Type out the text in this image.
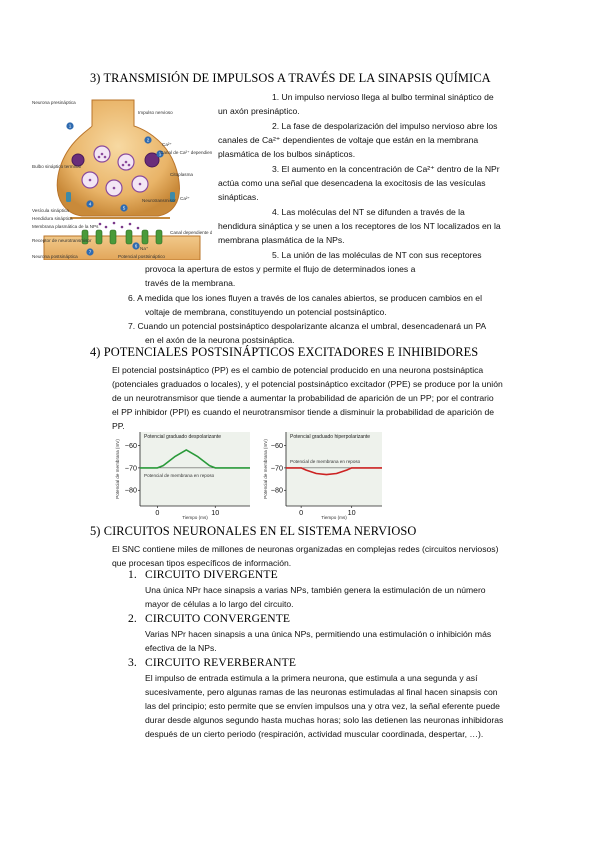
3) TRANSMISIÓN DE IMPULSOS A TRAVÉS DE LA SINAPSIS QUÍMICA
1
2
3
4
5
6
7
Neurona presináptica
Bulbo sináptico terminal
Canal de Ca²⁺ dependien
Citoplasma
Vesícula sináptica
Hendidura sináptica
Membrana plasmática de la NPs
Canal dependiente d
Neurotransmisor
Receptor de neurotransmisor
Neurona postsináptica
Impulso nervioso
Ca²⁺
Na⁺
Potencial postsináptico
Ca²⁺
1. Un impulso nervioso llega al bulbo terminal sináptico de
un axón presináptico.
2. La fase de despolarización del impulso nervioso abre los
canales de Ca²⁺ dependientes de voltaje que están en la membrana
plasmática de los bulbos sinápticos.
3. El aumento en la concentración de Ca²⁺ dentro de la NPr
actúa como una señal que desencadena la exocitosis de las vesículas
sinápticas.
4. Las moléculas del NT se difunden a través de la
hendidura sináptica y se unen a los receptores de los NT localizados en la
membrana plasmática de la NPs.
5. La unión de las moléculas de NT con sus receptores
provoca la apertura de estos y permite el flujo de determinados iones a
través de la membrana.
6. A medida que los iones fluyen a través de los canales abiertos, se producen cambios en el
voltaje de membrana, constituyendo un potencial postsináptico.
7. Cuando un potencial postsináptico despolarizante alcanza el umbral, desencadenará un PA
en el axón de la neurona postsináptica.
4) POTENCIALES POSTSINÁPTICOS EXCITADORES E INHIBIDORES
El potencial postsináptico (PP) es el cambio de potencial producido en una neurona postsináptica
(potenciales graduados o locales), y el potencial postsináptico excitador (PPE) se produce por la unión
de un neurotransmisor que tiende a aumentar la probabilidad de aparición de un PP; por el contrario
el PP inhibidor (PPI) es cuando el neurotransmisor tiende a disminuir la probabilidad de aparición de
PP.
−60
−70
−80
0	10
Potencial graduado despolarizante
Potencial de membrana en reposo
Tiempo (ms)
Potencial de membrana (mV)	−60
−70
−80
0	10
Potencial graduado hiperpolarizante
Potencial de membrana en reposo
Tiempo (ms)
Potencial de membrana (mV)
5) CIRCUITOS NEURONALES EN EL SISTEMA NERVIOSO
El SNC contiene miles de millones de neuronas organizadas en complejas redes (circuitos nerviosos)
que procesan tipos específicos de información.
1. CIRCUITO DIVERGENTE
Una única NPr hace sinapsis a varias NPs, también genera la estimulación de un número
mayor de células a lo largo del circuito.
2. CIRCUITO CONVERGENTE
Varias NPr hacen sinapsis a una única NPs, permitiendo una estimulación o inhibición más
efectiva de la NPs.
3. CIRCUITO REVERBERANTE
El impulso de entrada estimula a la primera neurona, que estimula a una segunda y así
sucesivamente, pero algunas ramas de las neuronas estimuladas al final hacen sinapsis con
las del principio; esto permite que se envíen impulsos una y otra vez, la señal eferente puede
durar desde algunos segundo hasta muchas horas; solo las detienen las neuronas inhibidoras
después de un cierto periodo (respiración, actividad muscular coordinada, despertar, …).
